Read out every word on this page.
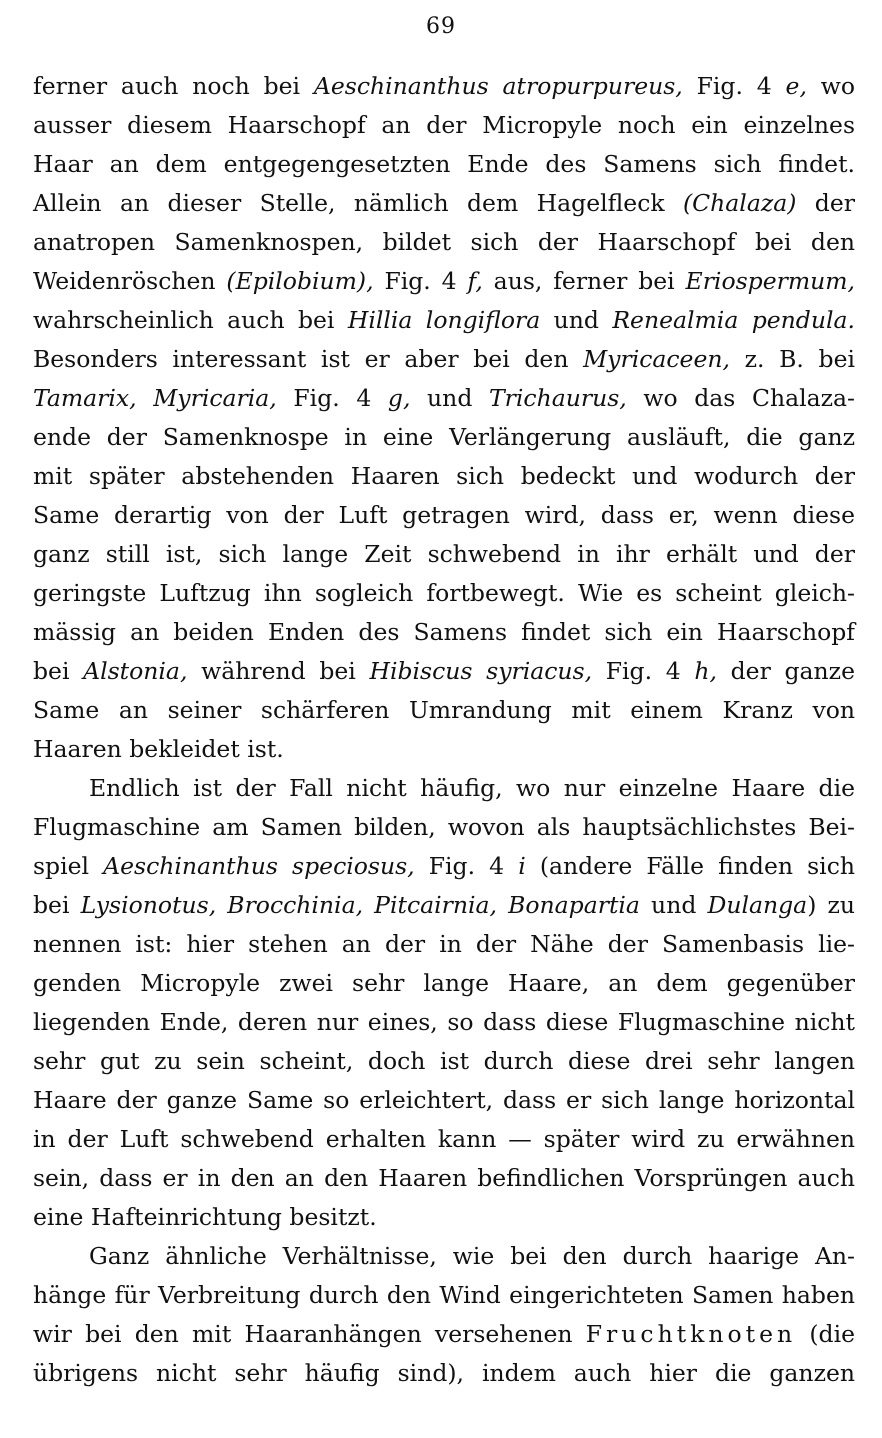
69
ferner auch noch bei Aeschinanthus atropurpureus, Fig. 4 e, wo
ausser diesem Haarschopf an der Micropyle noch ein einzelnes
Haar an dem entgegengesetzten Ende des Samens sich findet.
Allein an dieser Stelle, nämlich dem Hagelfleck (Chalaza) der
anatropen Samenknospen, bildet sich der Haarschopf bei den
Weidenröschen (Epilobium), Fig. 4 f, aus, ferner bei Eriospermum,
wahrscheinlich auch bei Hillia longiflora und Renealmia pendula.
Besonders interessant ist er aber bei den Myricaceen, z. B. bei
Tamarix, Myricaria, Fig. 4 g, und Trichaurus, wo das Chalaza-
ende der Samenknospe in eine Verlängerung ausläuft, die ganz
mit später abstehenden Haaren sich bedeckt und wodurch der
Same derartig von der Luft getragen wird, dass er, wenn diese
ganz still ist, sich lange Zeit schwebend in ihr erhält und der
geringste Luftzug ihn sogleich fortbewegt. Wie es scheint gleich-
mässig an beiden Enden des Samens findet sich ein Haarschopf
bei Alstonia, während bei Hibiscus syriacus, Fig. 4 h, der ganze
Same an seiner schärferen Umrandung mit einem Kranz von
Haaren bekleidet ist.
Endlich ist der Fall nicht häufig, wo nur einzelne Haare die
Flugmaschine am Samen bilden, wovon als hauptsächlichstes Bei-
spiel Aeschinanthus speciosus, Fig. 4 i (andere Fälle finden sich
bei Lysionotus, Brocchinia, Pitcairnia, Bonapartia und Dulanga) zu
nennen ist: hier stehen an der in der Nähe der Samenbasis lie-
genden Micropyle zwei sehr lange Haare, an dem gegenüber
liegenden Ende, deren nur eines, so dass diese Flugmaschine nicht
sehr gut zu sein scheint, doch ist durch diese drei sehr langen
Haare der ganze Same so erleichtert, dass er sich lange horizontal
in der Luft schwebend erhalten kann — später wird zu erwähnen
sein, dass er in den an den Haaren befindlichen Vorsprüngen auch
eine Hafteinrichtung besitzt.
Ganz ähnliche Verhältnisse, wie bei den durch haarige An-
hänge für Verbreitung durch den Wind eingerichteten Samen haben
wir bei den mit Haaranhängen versehenen Fruchtknoten (die
übrigens nicht sehr häufig sind), indem auch hier die ganzen
